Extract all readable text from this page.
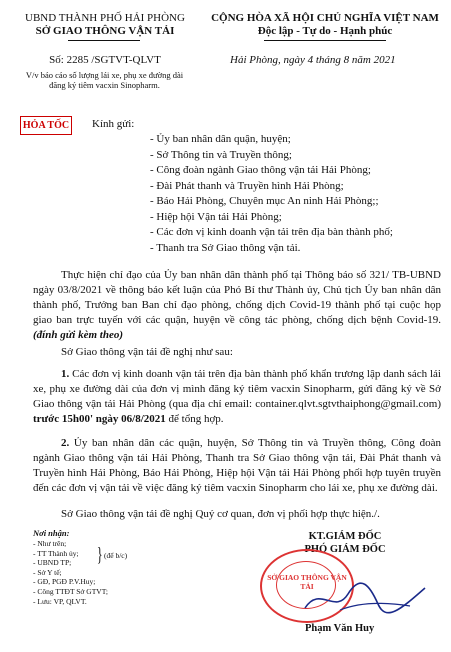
UBND THÀNH PHỐ HẢI PHÒNG
SỞ GIAO THÔNG VẬN TẢI
Số: 2285 /SGTVT-QLVT
V/v báo cáo số lượng lái xe, phụ xe đường dài đăng ký tiêm vacxin Sinopharm.
CỘNG HÒA XÃ HỘI CHỦ NGHĨA VIỆT NAM
Độc lập - Tự do - Hạnh phúc
Hải Phòng, ngày 4 tháng 8 năm 2021
HỎA TỐC Kính gửi:
- Ủy ban nhân dân quận, huyện;
- Sở Thông tin và Truyền thông;
- Công đoàn ngành Giao thông vận tải Hải Phòng;
- Đài Phát thanh và Truyền hình Hải Phòng;
- Báo Hải Phòng, Chuyên mục An ninh Hải Phòng;;
- Hiệp hội Vận tải Hải Phòng;
- Các đơn vị kinh doanh vận tải trên địa bàn thành phố;
- Thanh tra Sở Giao thông vận tải.
Thực hiện chỉ đạo của Ủy ban nhân dân thành phố tại Thông báo số 321/ TB-UBND ngày 03/8/2021 về thông báo kết luận của Phó Bí thư Thành ủy, Chủ tịch Ủy ban nhân dân thành phố, Trưởng ban Ban chỉ đạo phòng, chống dịch Covid-19 thành phố tại cuộc họp giao ban trực tuyến với các quận, huyện về công tác phòng, chống dịch bệnh Covid-19. (đính gửi kèm theo)
Sở Giao thông vận tải đề nghị như sau:
1. Các đơn vị kinh doanh vận tải trên địa bàn thành phố khẩn trương lập danh sách lái xe, phụ xe đường dài của đơn vị mình đăng ký tiêm vacxin Sinopharm, gửi đăng ký về Sở Giao thông vận tải Hải Phòng (qua địa chỉ email: container.qlvt.sgtvthaiphong@gmail.com) trước 15h00' ngày 06/8/2021 để tổng hợp.
2. Ủy ban nhân dân các quận, huyện, Sở Thông tin và Truyền thông, Công đoàn ngành Giao thông vận tải Hải Phòng, Thanh tra Sở Giao thông vận tải, Đài Phát thanh và Truyền hình Hải Phòng, Báo Hải Phòng, Hiệp hội Vận tải Hải Phòng phối hợp tuyên truyền đến các đơn vị vận tải về việc đăng ký tiêm vacxin Sinopharm cho lái xe, phụ xe đường dài.
Sở Giao thông vận tải đề nghị Quý cơ quan, đơn vị phối hợp thực hiện./.
Nơi nhận:
- Như trên;
- TT Thành ủy;
- UBND TP;
- Sở Y tế;
- GĐ, PGĐ P.V.Huy;
- Công TTĐT Sở GTVT;
- Lưu: VP, QLVT.
} (để b/c)
KT.GIÁM ĐỐC
PHÓ GIÁM ĐỐC
SỞ GIAO THÔNG VẬN TẢI
Phạm Văn Huy
